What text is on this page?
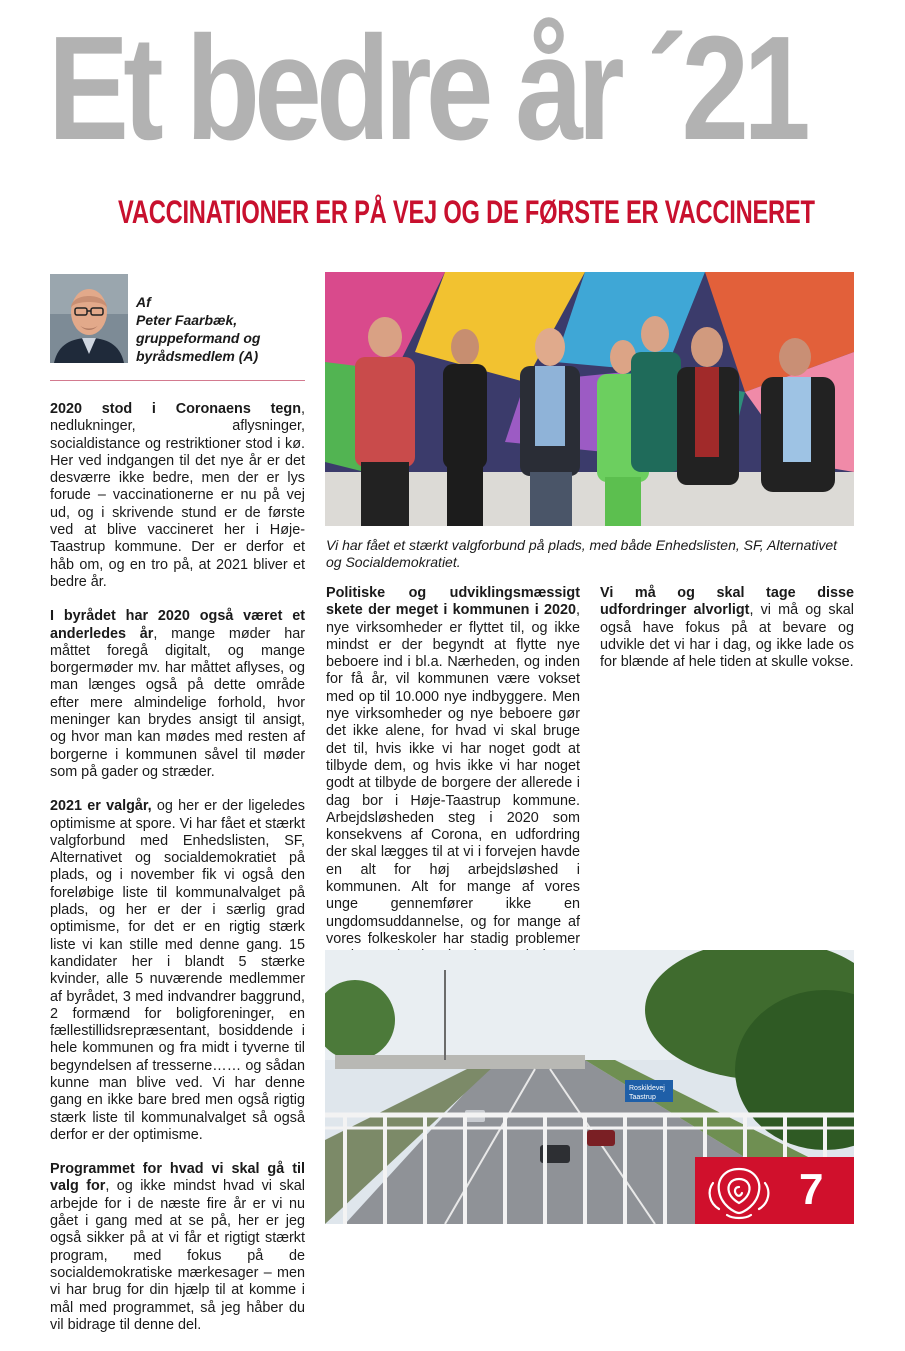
Et bedre år ´21
VACCINATIONER ER PÅ VEJ OG DE FØRSTE ER VACCINERET
Af
Peter Faarbæk,
gruppeformand og
byrådsmedlem (A)

2020 stod i Coronaens tegn, nedlukninger, aflysninger, socialdistance og restriktioner stod i kø. Her ved indgangen til det nye år er det desværre ikke bedre, men der er lys forude – vaccinationerne er nu på vej ud, og i skrivende stund er de første ved at blive vaccineret her i Høje-Taastrup kommune. Der er derfor et håb om, og en tro på, at 2021 bliver et bedre år.

I byrådet har 2020 også været et anderledes år, mange møder har måttet foregå digitalt, og mange borgermøder mv. har måttet aflyses, og man længes også på dette område efter mere almindelige forhold, hvor meninger kan brydes ansigt til ansigt, og hvor man kan mødes med resten af borgerne i kommunen såvel til møder som på gader og stræder.

2021 er valgår, og her er der ligeledes optimisme at spore. Vi har fået et stærkt valgforbund med Enhedslisten, SF, Alternativet og socialdemokratiet på plads, og i november fik vi også den foreløbige liste til kommunalvalget på plads, og her er der i særlig grad optimisme, for det er en rigtig stærk liste vi kan stille med denne gang. 15 kandidater her i blandt 5 stærke kvinder, alle 5 nuværende medlemmer af byrådet, 3 med indvandrer baggrund, 2 formænd for boligforeninger, en fællestillidsrepræsentant, bosiddende i hele kommunen og fra midt i tyverne til begyndelsen af tresserne…… og sådan kunne man blive ved. Vi har denne gang en ikke bare bred men også rigtig stærk liste til kommunalvalget så også derfor er der optimisme.

Programmet for hvad vi skal gå til valg for, og ikke mindst hvad vi skal arbejde for i de næste fire år er vi nu gået i gang med at se på, her er jeg også sikker på at vi får et rigtigt stærkt program, med fokus på de socialdemokratiske mærkesager – men vi har brug for din hjælp til at komme i mål med programmet, så jeg håber du vil bidrage til denne del.

Vi har fået et stærkt valgforbund på plads, med både Enhedslisten, SF, Alternativet og Socialdemokratiet.

Politiske og udviklingsmæssigt skete der meget i kommunen i 2020, nye virksomheder er flyttet til, og ikke mindst er der begyndt at flytte nye beboere ind i bl.a. Nærheden, og inden for få år, vil kommunen være vokset med op til 10.000 nye indbyggere. Men nye virksomheder og nye beboere gør det ikke alene, for hvad vi skal bruge det til, hvis ikke vi har noget godt at tilbyde dem, og hvis ikke vi har noget godt at tilbyde de borgere der allerede i dag bor i Høje-Taastrup kommune. Arbejdsløsheden steg i 2020 som konsekvens af Corona, en udfordring der skal lægges til at vi i forvejen havde en alt for høj arbejdsløshed i kommunen. Alt for mange af vores unge gennemfører ikke en ungdomsuddannelse, og for mange af vores folkeskoler har stadig problemer

Vi må og skal tage disse udfordringer alvorligt, vi må og skal også have fokus på at bevare og udvikle det vi har i dag, og ikke lade os for blænde af hele tiden at skulle vokse.

Roskildevej
Taastrup
7
